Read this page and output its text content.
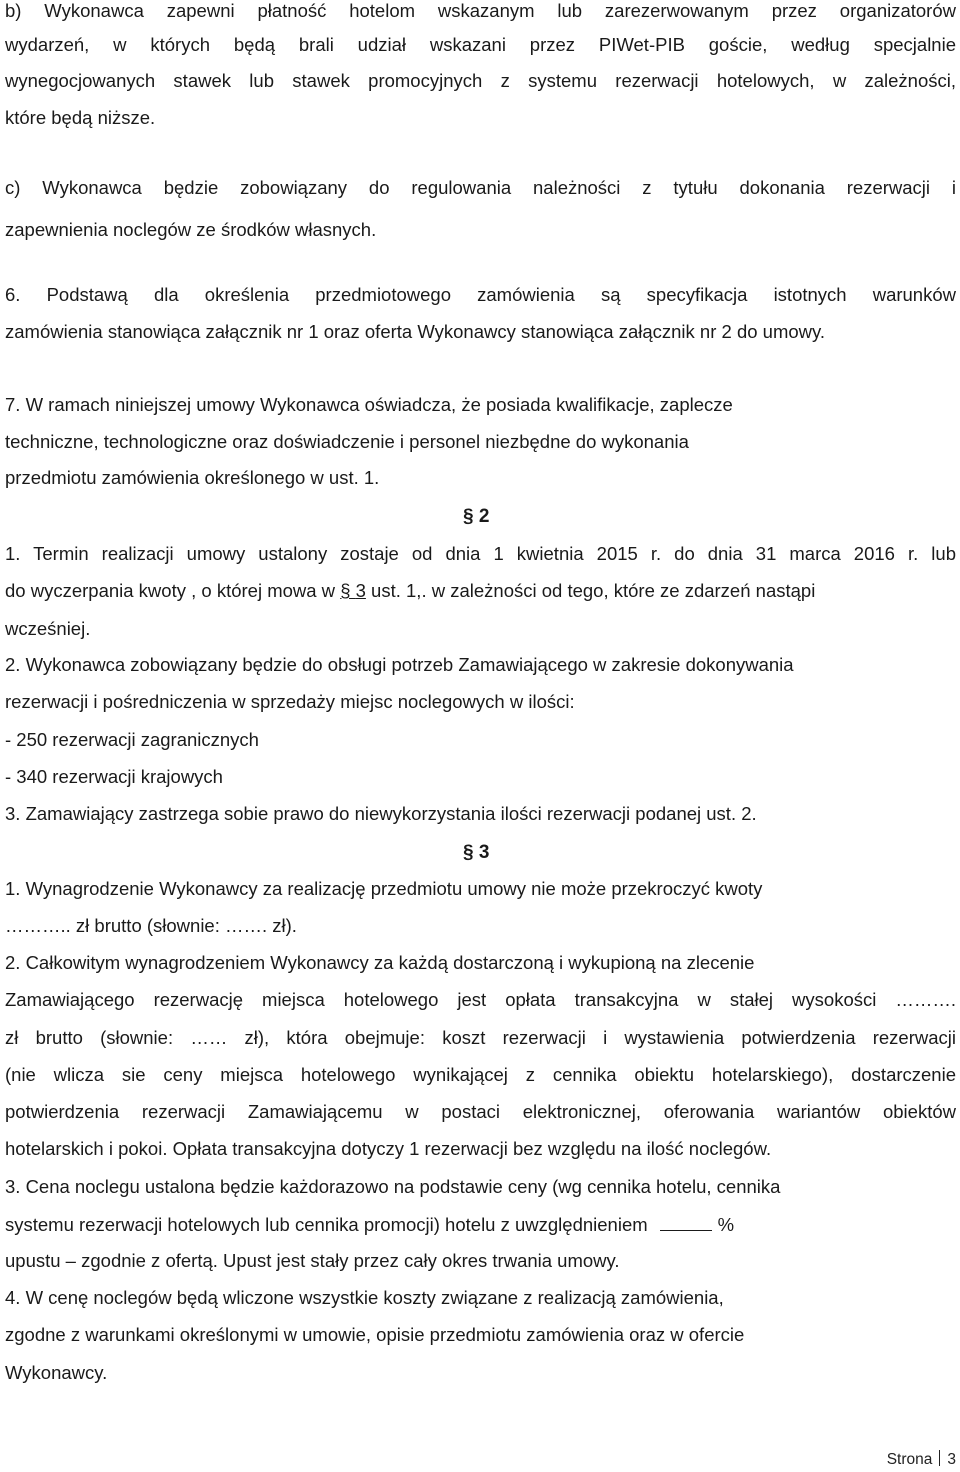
b) Wykonawca zapewni płatność hotelom wskazanym lub zarezerwowanym przez organizatorów
wydarzeń, w których będą brali udział wskazani przez PIWet-PIB goście, według specjalnie
wynegocjowanych stawek lub stawek promocyjnych z systemu rezerwacji hotelowych, w zależności,
które będą niższe.
c) Wykonawca będzie zobowiązany do regulowania należności z tytułu dokonania rezerwacji i
zapewnienia noclegów ze środków własnych.
6. Podstawą dla określenia przedmiotowego zamówienia są specyfikacja istotnych warunków
zamówienia stanowiąca załącznik nr 1 oraz oferta Wykonawcy stanowiąca załącznik nr 2 do umowy.
7. W ramach niniejszej umowy Wykonawca oświadcza, że posiada kwalifikacje, zaplecze
techniczne, technologiczne oraz doświadczenie i personel niezbędne do wykonania
przedmiotu zamówienia określonego w ust. 1.
§ 2
1. Termin realizacji umowy ustalony zostaje od dnia 1 kwietnia 2015 r. do dnia 31 marca 2016 r. lub
do wyczerpania kwoty , o której mowa w § 3 ust. 1,. w zależności od tego, które ze zdarzeń nastąpi
wcześniej.
2. Wykonawca zobowiązany będzie do obsługi potrzeb Zamawiającego w zakresie dokonywania
rezerwacji i pośredniczenia w sprzedaży miejsc noclegowych w ilości:
- 250 rezerwacji zagranicznych
- 340 rezerwacji krajowych
3. Zamawiający zastrzega sobie prawo do niewykorzystania ilości rezerwacji podanej ust. 2.
§ 3
1. Wynagrodzenie Wykonawcy za realizację przedmiotu umowy nie może przekroczyć kwoty
……….. zł brutto (słownie: ……. zł).
2. Całkowitym wynagrodzeniem Wykonawcy za każdą dostarczoną i wykupioną na zlecenie
Zamawiającego rezerwację miejsca hotelowego jest opłata transakcyjna w stałej wysokości ……….
zł brutto (słownie: …… zł), która obejmuje: koszt rezerwacji i wystawienia potwierdzenia rezerwacji
(nie wlicza sie ceny miejsca hotelowego wynikającej z cennika obiektu hotelarskiego), dostarczenie
potwierdzenia rezerwacji Zamawiającemu w postaci elektronicznej, oferowania wariantów obiektów
hotelarskich i pokoi. Opłata transakcyjna dotyczy 1 rezerwacji bez względu na ilość noclegów.
3. Cena noclegu ustalona będzie każdorazowo na podstawie ceny (wg cennika hotelu, cennika
systemu rezerwacji hotelowych lub cennika promocji) hotelu z uwzględnieniem	%
upustu – zgodnie z ofertą. Upust jest stały przez cały okres trwania umowy.
4. W cenę noclegów będą wliczone wszystkie koszty związane z realizacją zamówienia,
zgodne z warunkami określonymi w umowie, opisie przedmiotu zamówienia oraz w ofercie
Wykonawcy.
Strona 3
